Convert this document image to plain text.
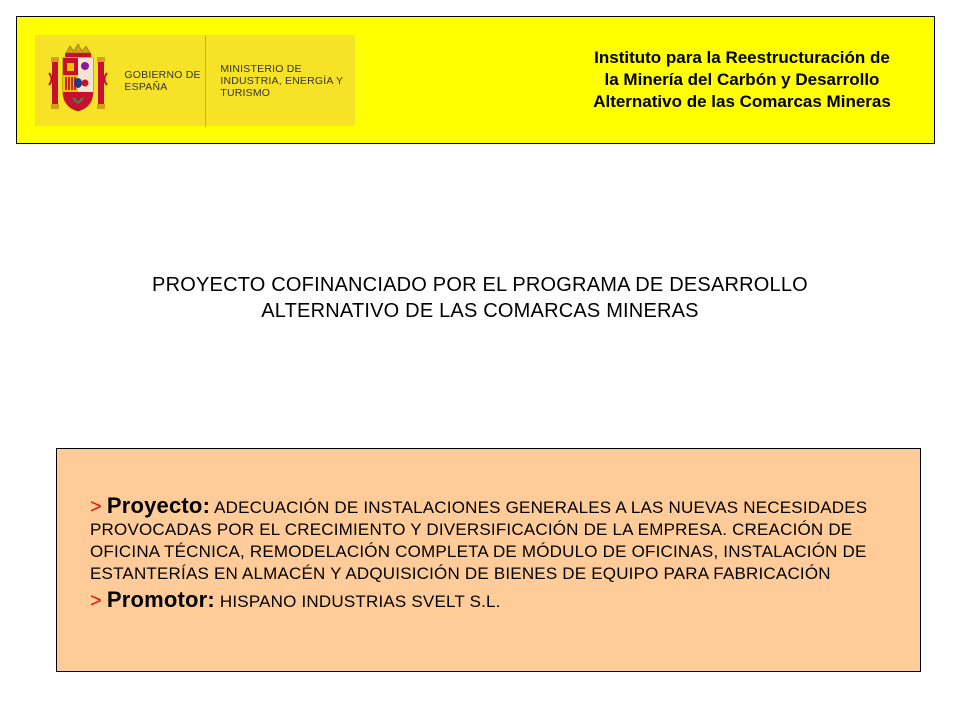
GOBIERNO DE ESPAÑA
MINISTERIO DE INDUSTRIA, ENERGÍA Y TURISMO
Instituto para la Reestructuración de
la Minería del Carbón y Desarrollo
Alternativo de las Comarcas Mineras
PROYECTO COFINANCIADO POR EL PROGRAMA DE DESARROLLO
ALTERNATIVO DE LAS COMARCAS MINERAS

> Proyecto: ADECUACIÓN DE INSTALACIONES GENERALES A LAS NUEVAS NECESIDADES PROVOCADAS POR EL CRECIMIENTO Y DIVERSIFICACIÓN DE LA EMPRESA. CREACIÓN DE OFICINA TÉCNICA, REMODELACIÓN COMPLETA DE MÓDULO DE OFICINAS, INSTALACIÓN DE ESTANTERÍAS EN ALMACÉN Y ADQUISICIÓN DE BIENES DE EQUIPO PARA FABRICACIÓN

> Promotor: HISPANO INDUSTRIAS SVELT S.L.
